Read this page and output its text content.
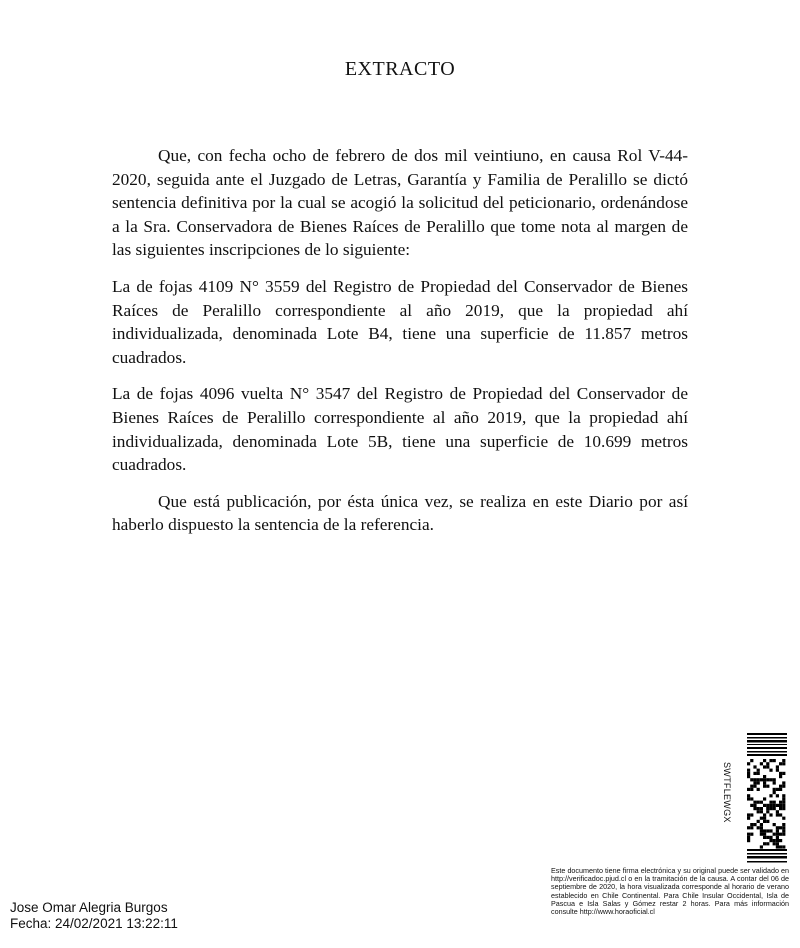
EXTRACTO

Que, con fecha ocho de febrero de dos mil veintiuno, en causa Rol V-44-2020, seguida ante el Juzgado de Letras, Garantía y Familia de Peralillo se dictó sentencia definitiva por la cual se acogió la solicitud del peticionario, ordenándose a la Sra. Conservadora de Bienes Raíces de Peralillo que tome nota al margen de las siguientes inscripciones de lo siguiente:

La de fojas 4109 N° 3559 del Registro de Propiedad del Conservador de Bienes Raíces de Peralillo correspondiente al año 2019, que la propiedad ahí individualizada, denominada Lote B4, tiene una superficie de 11.857 metros cuadrados.

La de fojas 4096 vuelta N° 3547 del Registro de Propiedad del Conservador de Bienes Raíces de Peralillo correspondiente al año 2019, que la propiedad ahí individualizada, denominada Lote 5B, tiene una superficie de 10.699 metros cuadrados.

Que está publicación, por ésta única vez, se realiza en este Diario por así haberlo dispuesto la sentencia de la referencia.

SWTFLEWGX
Este documento tiene firma electrónica y su original puede ser validado en http://verificadoc.pjud.cl o en la tramitación de la causa. A contar del 06 de septiembre de 2020, la hora visualizada corresponde al horario de verano establecido en Chile Continental. Para Chile Insular Occidental, Isla de Pascua e Isla Salas y Gómez restar 2 horas. Para más información consulte http://www.horaoficial.cl
Jose Omar Alegria Burgos
Fecha: 24/02/2021 13:22:11
